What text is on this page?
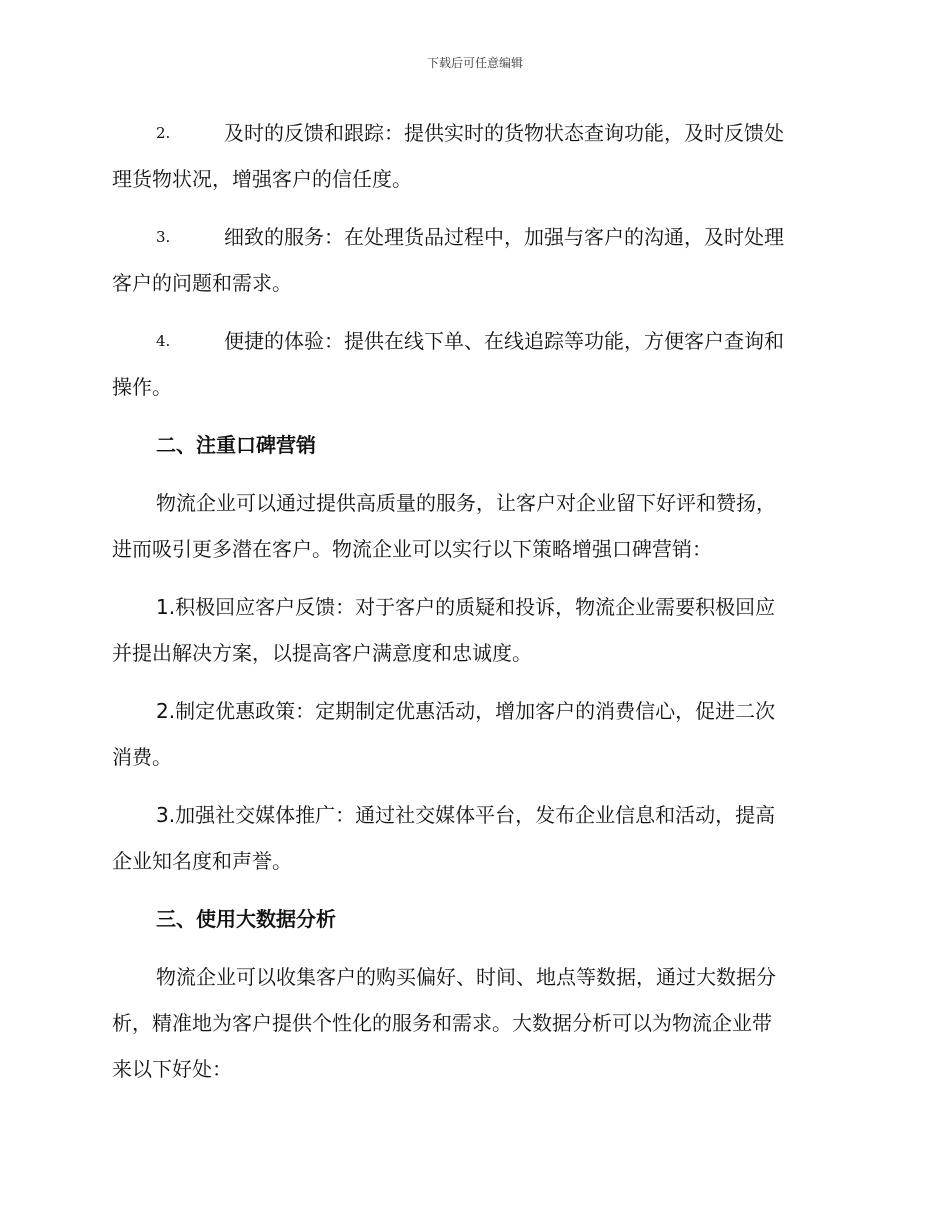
下载后可任意编辑
2.	及时的反馈和跟踪：提供实时的货物状态查询功能，及时反馈处
理货物状况，增强客户的信任度。
3.	细致的服务：在处理货品过程中，加强与客户的沟通，及时处理
客户的问题和需求。
4.	便捷的体验：提供在线下单、在线追踪等功能，方便客户查询和
操作。
二、注重口碑营销
物流企业可以通过提供高质量的服务，让客户对企业留下好评和赞扬，
进而吸引更多潜在客户。物流企业可以实行以下策略增强口碑营销：
1.积极回应客户反馈：对于客户的质疑和投诉，物流企业需要积极回应
并提出解决方案，以提高客户满意度和忠诚度。
2.制定优惠政策：定期制定优惠活动，增加客户的消费信心，促进二次
消费。
3.加强社交媒体推广：通过社交媒体平台，发布企业信息和活动，提高
企业知名度和声誉。
三、使用大数据分析
物流企业可以收集客户的购买偏好、时间、地点等数据，通过大数据分
析，精准地为客户提供个性化的服务和需求。大数据分析可以为物流企业带
来以下好处：
